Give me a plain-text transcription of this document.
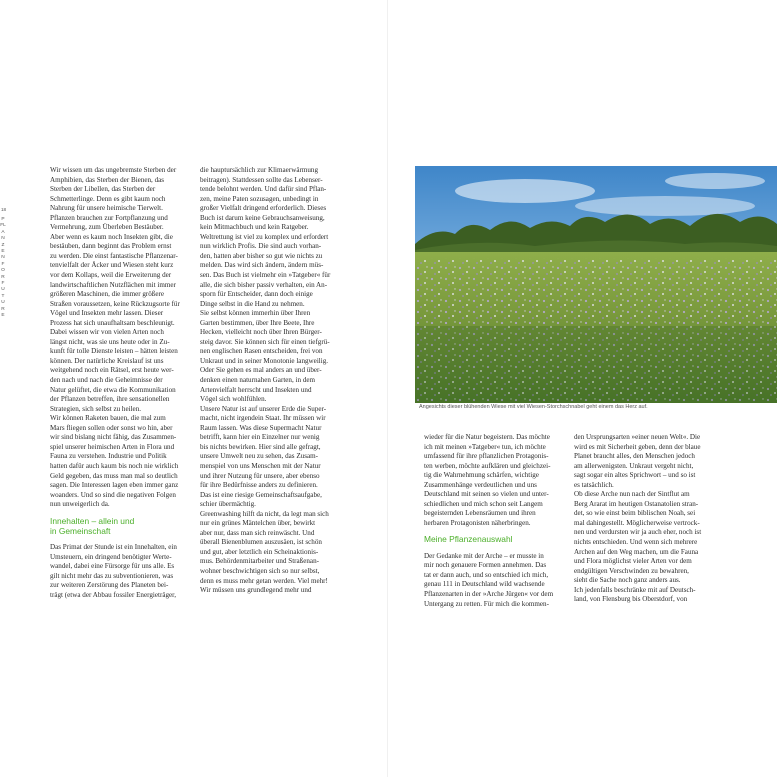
18
PFLANZEN FOR FUTURE
Wir wissen um das ungebremste Sterben der
Amphibien, das Sterben der Bienen, das
Sterben der Libellen, das Sterben der
Schmetterlinge. Denn es gibt kaum noch
Nahrung für unsere heimische Tierwelt.
Pflanzen brauchen zur Fortpflanzung und
Vermehrung, zum Überleben Bestäuber.
Aber wenn es kaum noch Insekten gibt, die
bestäuben, dann beginnt das Problem ernst
zu werden. Die einst fantastische Pflanzenar-
tenvielfalt der Äcker und Wiesen steht kurz
vor dem Kollaps, weil die Erweiterung der
landwirtschaftlichen Nutzflächen mit immer
größeren Maschinen, die immer größere
Straßen voraussetzen, keine Rückzugsorte für
Vögel und Insekten mehr lassen. Dieser
Prozess hat sich unaufhaltsam beschleunigt.
Dabei wissen wir von vielen Arten noch
längst nicht, was sie uns heute oder in Zu-
kunft für tolle Dienste leisten – hätten leisten
können. Der natürliche Kreislauf ist uns
weitgehend noch ein Rätsel, erst heute wer-
den nach und nach die Geheimnisse der
Natur gelüftet, die etwa die Kommunikation
der Pflanzen betreffen, ihre sensationellen
Strategien, sich selbst zu heilen.
Wir können Raketen bauen, die mal zum
Mars fliegen sollen oder sonst wo hin, aber
wir sind bislang nicht fähig, das Zusammen-
spiel unserer heimischen Arten in Flora und
Fauna zu verstehen. Industrie und Politik
hatten dafür auch kaum bis noch nie wirklich
Geld gegeben, das muss man mal so deutlich
sagen. Die Interessen lagen eben immer ganz
woanders. Und so sind die negativen Folgen
nun unweigerlich da.
Innehalten – allein und
in Gemeinschaft
Das Primat der Stunde ist ein Innehalten, ein
Umsteuern, ein dringend benötigter Werte-
wandel, dabei eine Fürsorge für uns alle. Es
gilt nicht mehr das zu subventionieren, was
zur weiteren Zerstörung des Planeten bei-
trägt (etwa der Abbau fossiler Energieträger,
die hauptursächlich zur Klimaerwärmung
beitragen). Stattdessen sollte das Lebenser-
tende belohnt werden. Und dafür sind Pflan-
zen, meine Paten sozusagen, unbedingt in
großer Vielfalt dringend erforderlich. Dieses
Buch ist darum keine Gebrauchsanweisung,
kein Mitmachbuch und kein Ratgeber.
Weltrettung ist viel zu komplex und erfordert
nun wirklich Profis. Die sind auch vorhan-
den, hatten aber bisher so gut wie nichts zu
melden. Das wird sich ändern, ändern müs-
sen. Das Buch ist vielmehr ein »Tatgeber« für
alle, die sich bisher passiv verhalten, ein An-
sporn für Entscheider, dann doch einige
Dinge selbst in die Hand zu nehmen.
Sie selbst können immerhin über Ihren
Garten bestimmen, über Ihre Beete, Ihre
Hecken, vielleicht noch über Ihren Bürger-
steig davor. Sie können sich für einen tiefgrü-
nen englischen Rasen entscheiden, frei von
Unkraut und in seiner Monotonie langweilig.
Oder Sie gehen es mal anders an und über-
denken einen naturnahen Garten, in dem
Artenvielfalt herrscht und Insekten und
Vögel sich wohlfühlen.
Unsere Natur ist auf unserer Erde die Super-
macht, nicht irgendein Staat. Ihr müssen wir
Raum lassen. Was diese Supermacht Natur
betrifft, kann hier ein Einzelner nur wenig
bis nichts bewirken. Hier sind alle gefragt,
unsere Umwelt neu zu sehen, das Zusam-
menspiel von uns Menschen mit der Natur
und ihrer Nutzung für unsere, aber ebenso
für ihre Bedürfnisse anders zu definieren.
Das ist eine riesige Gemeinschaftsaufgabe,
schier übermächtig.
Greenwashing hilft da nicht, da legt man sich
nur ein grünes Mäntelchen über, bewirkt
aber nur, dass man sich reinwäscht. Und
überall Bienenblumen auszusäen, ist schön
und gut, aber letztlich ein Scheinaktionis-
mus. Behördenmitarbeiter und Straßenan-
wohner beschwichtigen sich so nur selbst,
denn es muss mehr getan werden. Viel mehr!
Wir müssen uns grundlegend mehr und
Angesichts dieser blühenden Wiese mit viel Wiesen-Storchschnabel geht einem das Herz auf.
wieder für die Natur begeistern. Das möchte
ich mit meinen »Tatgeber« tun, ich möchte
umfassend für ihre pflanzlichen Protagonis-
ten werben, möchte aufklären und gleichzei-
tig die Wahrnehmung schärfen, wichtige
Zusammenhänge verdeutlichen und uns
Deutschland mit seinen so vielen und unter-
schiedlichen und mich schon seit Langem
begeisternden Lebensräumen und ihren
herbaren Protagonisten näherbringen.
Meine Pflanzenauswahl
Der Gedanke mit der Arche – er musste in
mir noch genauere Formen annehmen. Das
tat er dann auch, und so entschied ich mich,
genau 111 in Deutschland wild wachsende
Pflanzenarten in der »Arche Jürgen« vor dem
Untergang zu retten. Für mich die kommen-
den Ursprungsarten »einer neuen Welt«. Die
wird es mit Sicherheit geben, denn der blaue
Planet braucht alles, den Menschen jedoch
am allerwenigsten. Unkraut vergeht nicht,
sagt sogar ein altes Sprichwort – und so ist
es tatsächlich.
Ob diese Arche nun nach der Sintflut am
Berg Ararat im heutigen Ostanatolien stran-
det, so wie einst beim biblischen Noah, sei
mal dahingestellt. Möglicherweise vertrock-
nen und verdursten wir ja auch eher, noch ist
nichts entschieden. Und wenn sich mehrere
Archen auf den Weg machen, um die Fauna
und Flora möglichst vieler Arten vor dem
endgültigen Verschwinden zu bewahren,
sieht die Sache noch ganz anders aus.
Ich jedenfalls beschränke mit auf Deutsch-
land, von Flensburg bis Oberstdorf, von
